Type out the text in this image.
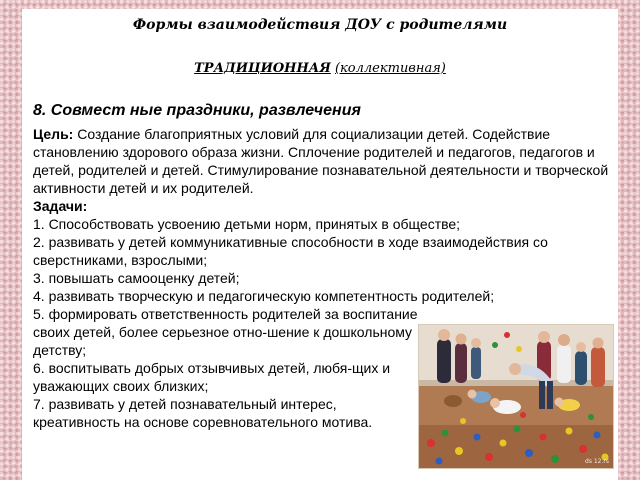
Формы взаимодействия ДОУ с родителями

ТРАДИЦИОННАЯ (коллективная)

8. Совмест ные праздники, развлечения

Цель: Создание благоприятных условий для социализации детей. Содействие становлению здорового образа жизни. Сплочение родителей и педагогов, педагогов и детей, родителей и детей. Стимулирование познавательной деятельности и творческой активности детей и их родителей.

Задачи:

1. Способствовать усвоению детьми норм, принятых в обществе;
2. развивать у детей коммуникативные способности в ходе взаимодействия со сверстниками, взрослыми;
3. повышать самооценку детей;
4. развивать творческую и педагогическую компетентность родителей;
5. формировать ответственность родителей за воспитание своих детей, более серьезное отно-шение к дошкольному детству;
6. воспитывать добрых отзывчивых детей, любя-щих и уважающих своих близких;
7. развивать у детей познавательный интерес, креативность на основе соревновательного мотива.
ds 12.rs
